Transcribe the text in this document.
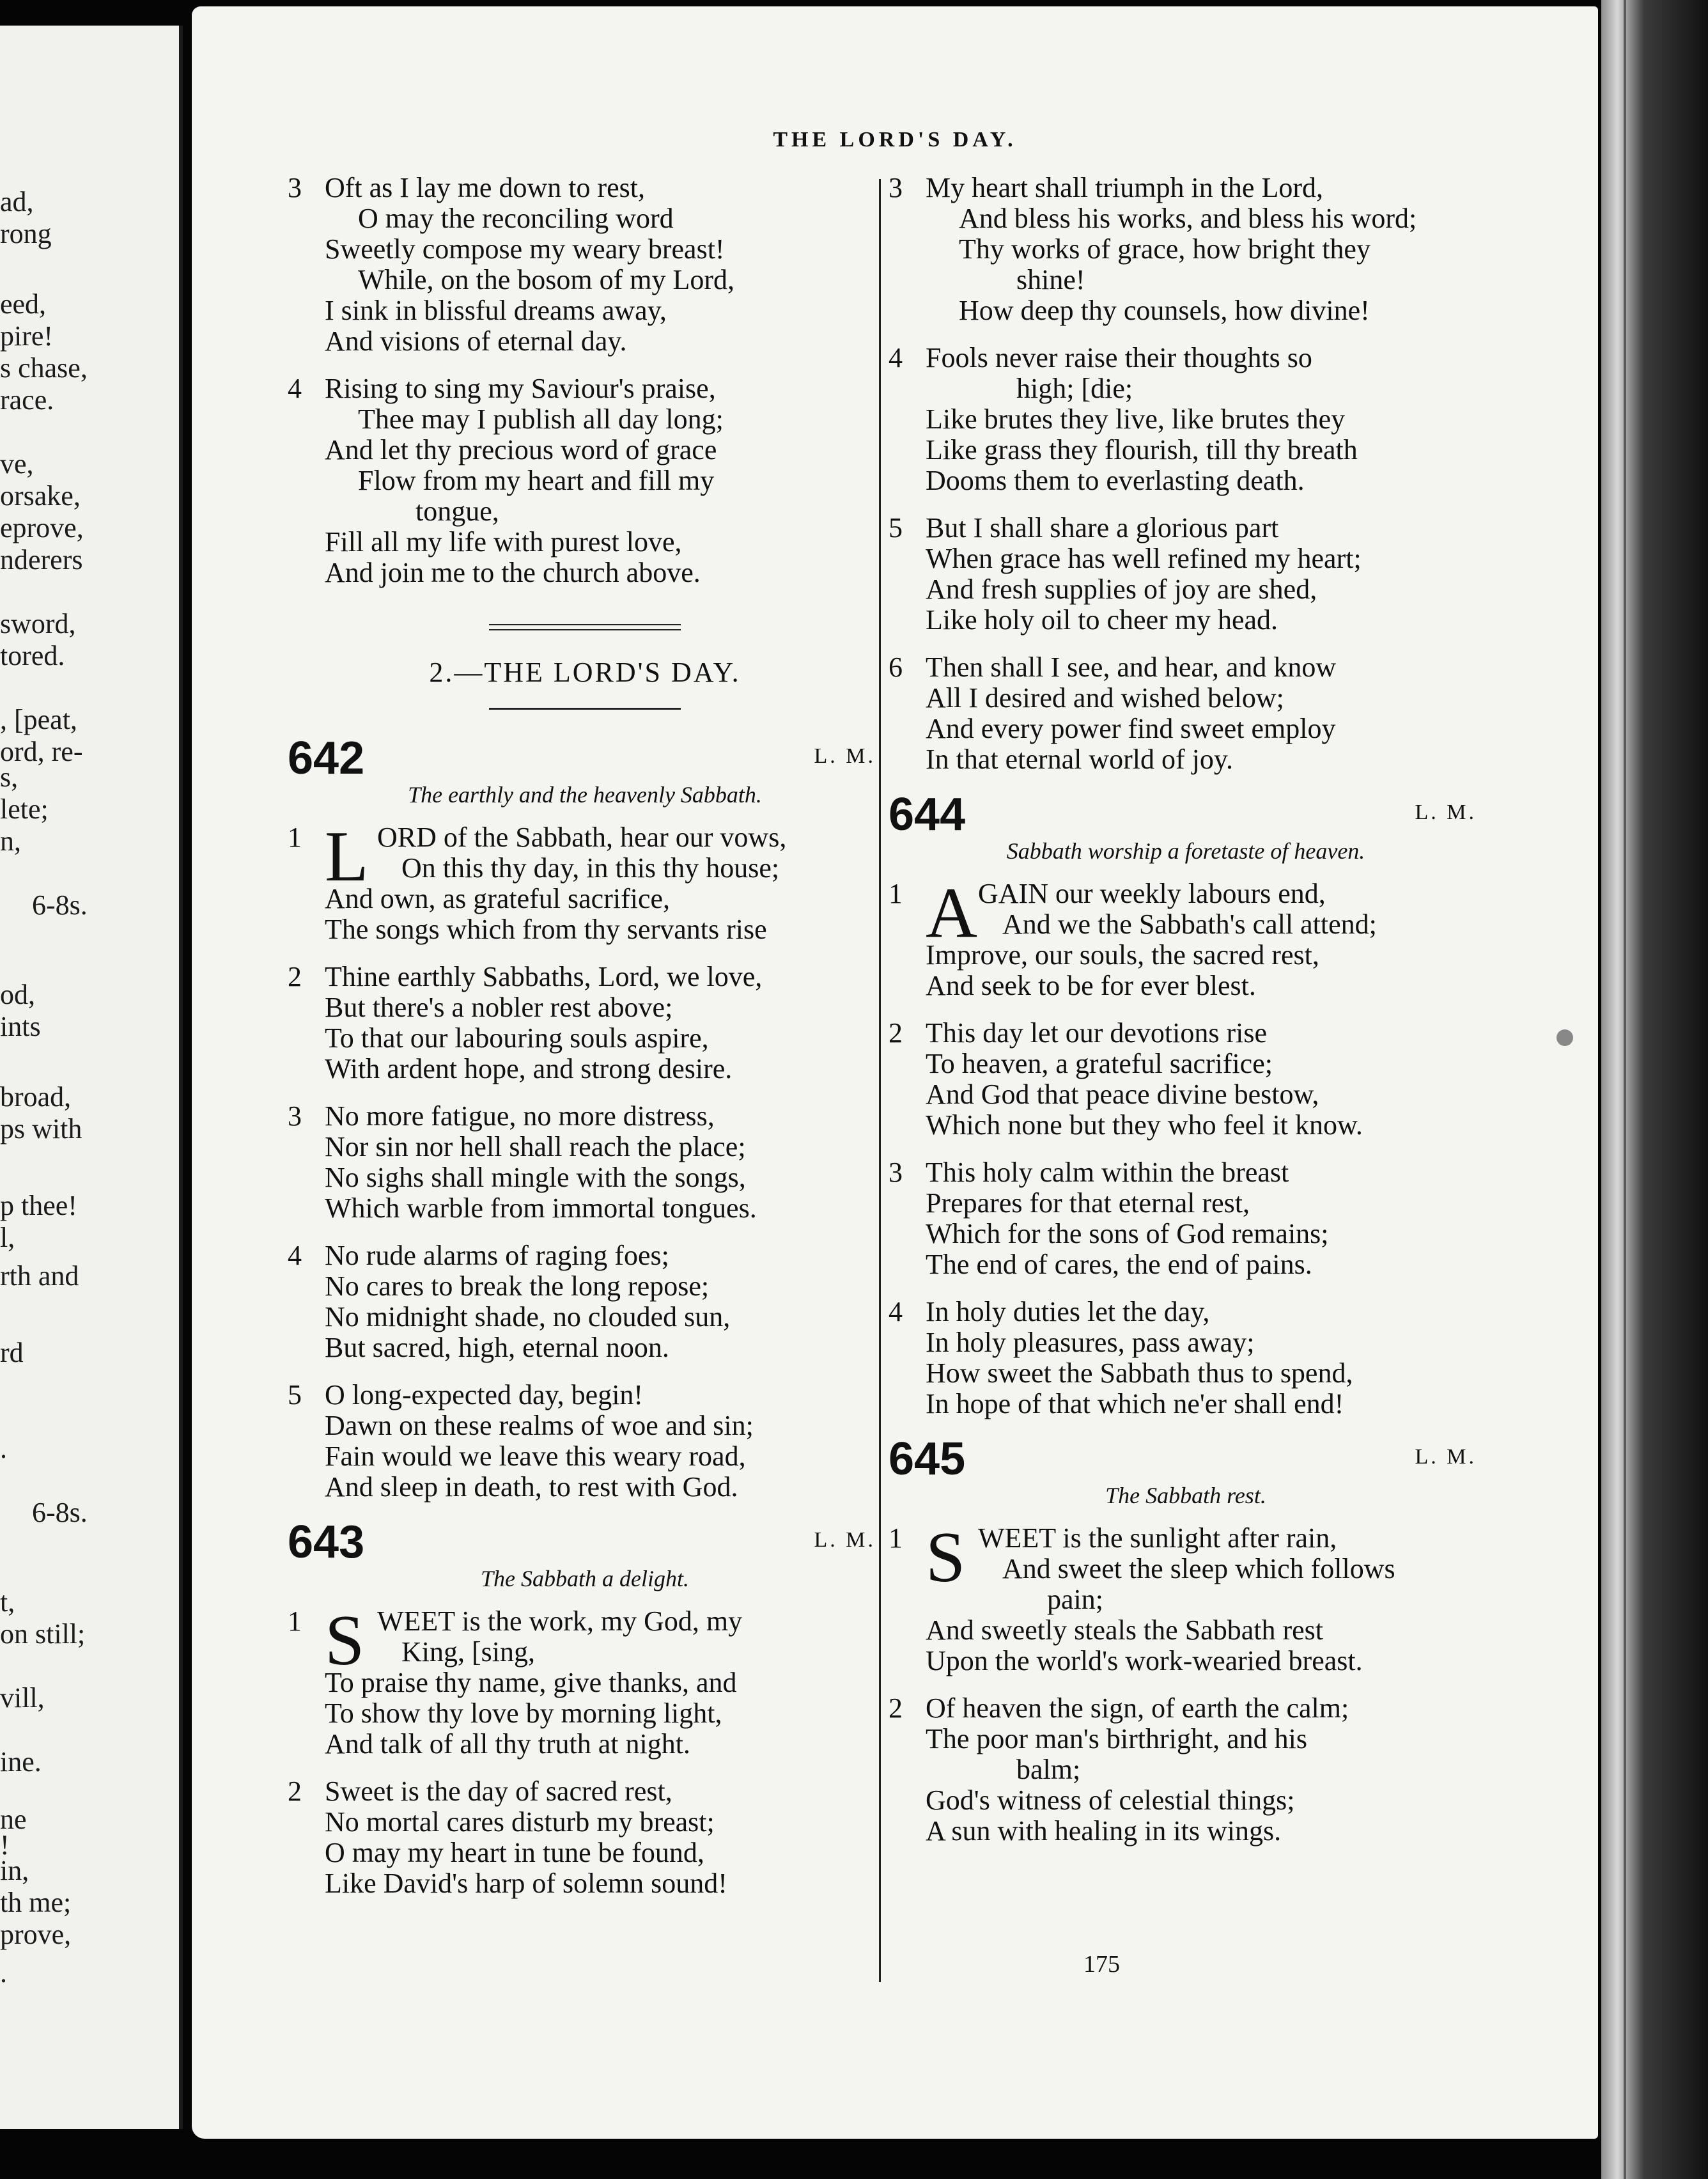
ad,
rong
eed,
pire!
s chase,
race.
ve,
orsake,
eprove,
nderers
sword,
tored.
, [peat,
ord, re-
s,
lete;
n,
6-8s.
od,
ints
broad,
ps with
p thee!
l,
rth and
rd
.
6-8s.
t,
on still;
vill,
ine.
ne
!
in,
th me;
prove,
.
THE LORD'S DAY.
3 Oft as I lay me down to rest,
O may the reconciling word
Sweetly compose my weary breast!
While, on the bosom of my Lord,
I sink in blissful dreams away,
And visions of eternal day.
4 Rising to sing my Saviour's praise,
Thee may I publish all day long;
And let thy precious word of grace
Flow from my heart and fill my
tongue,
Fill all my life with purest love,
And join me to the church above.
2.—THE LORD'S DAY.
642	L. M.
The earthly and the heavenly Sabbath.
1 L ORD of the Sabbath, hear our vows,
On this thy day, in this thy house;
And own, as grateful sacrifice,
The songs which from thy servants rise
2 Thine earthly Sabbaths, Lord, we love,
But there's a nobler rest above;
To that our labouring souls aspire,
With ardent hope, and strong desire.
3 No more fatigue, no more distress,
Nor sin nor hell shall reach the place;
No sighs shall mingle with the songs,
Which warble from immortal tongues.
4 No rude alarms of raging foes;
No cares to break the long repose;
No midnight shade, no clouded sun,
But sacred, high, eternal noon.
5 O long-expected day, begin!
Dawn on these realms of woe and sin;
Fain would we leave this weary road,
And sleep in death, to rest with God.
643	L. M.
The Sabbath a delight.
1 S WEET is the work, my God, my
King, [sing,
To praise thy name, give thanks, and
To show thy love by morning light,
And talk of all thy truth at night.
2 Sweet is the day of sacred rest,
No mortal cares disturb my breast;
O may my heart in tune be found,
Like David's harp of solemn sound!
3 My heart shall triumph in the Lord,
And bless his works, and bless his word;
Thy works of grace, how bright they
shine!
How deep thy counsels, how divine!
4 Fools never raise their thoughts so
high; [die;
Like brutes they live, like brutes they
Like grass they flourish, till thy breath
Dooms them to everlasting death.
5 But I shall share a glorious part
When grace has well refined my heart;
And fresh supplies of joy are shed,
Like holy oil to cheer my head.
6 Then shall I see, and hear, and know
All I desired and wished below;
And every power find sweet employ
In that eternal world of joy.
644	L. M.
Sabbath worship a foretaste of heaven.
1 A GAIN our weekly labours end,
And we the Sabbath's call attend;
Improve, our souls, the sacred rest,
And seek to be for ever blest.
2 This day let our devotions rise
To heaven, a grateful sacrifice;
And God that peace divine bestow,
Which none but they who feel it know.
3 This holy calm within the breast
Prepares for that eternal rest,
Which for the sons of God remains;
The end of cares, the end of pains.
4 In holy duties let the day,
In holy pleasures, pass away;
How sweet the Sabbath thus to spend,
In hope of that which ne'er shall end!
645	L. M.
The Sabbath rest.
1 S WEET is the sunlight after rain,
And sweet the sleep which follows
pain;
And sweetly steals the Sabbath rest
Upon the world's work-wearied breast.
2 Of heaven the sign, of earth the calm;
The poor man's birthright, and his
balm;
God's witness of celestial things;
A sun with healing in its wings.
175
